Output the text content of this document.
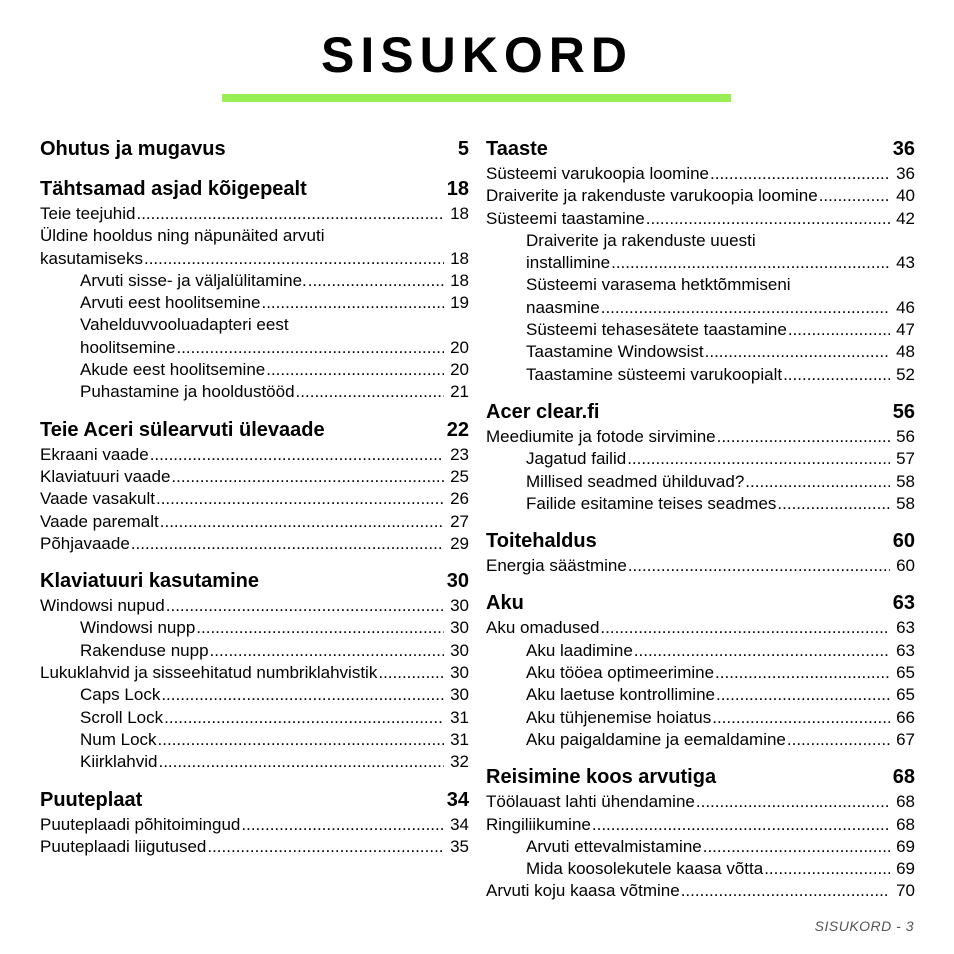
SISUKORD
Ohutus ja mugavus	5
Tähtsamad asjad kõigepealt	18
Teie teejuhid .....	18
Üldine hooldus ning näpunäited arvuti
kasutamiseks .....	18
Arvuti sisse- ja väljalülitamine. .....	18
Arvuti eest hoolitsemine .....	19
Vahelduvvooluadapteri eest
hoolitsemine .....	20
Akude eest hoolitsemine .....	20
Puhastamine ja hooldustööd .....	21
Teie Aceri sülearvuti ülevaade	22
Ekraani vaade .....	23
Klaviatuuri vaade .....	25
Vaade vasakult .....	26
Vaade paremalt .....	27
Põhjavaade .....	29
Klaviatuuri kasutamine	30
Windowsi nupud .....	30
Windowsi nupp .....	30
Rakenduse nupp .....	30
Lukuklahvid ja sisseehitatud numbriklahvistik .....	30
Caps Lock .....	30
Scroll Lock .....	31
Num Lock .....	31
Kiirklahvid .....	32
Puuteplaat	34
Puuteplaadi põhitoimingud .....	34
Puuteplaadi liigutused .....	35
Taaste	36
Süsteemi varukoopia loomine .....	36
Draiverite ja rakenduste varukoopia loomine .....	40
Süsteemi taastamine .....	42
Draiverite ja rakenduste uuesti
installimine .....	43
Süsteemi varasema hetktõmmiseni
naasmine .....	46
Süsteemi tehasesätete taastamine .....	47
Taastamine Windowsist .....	48
Taastamine süsteemi varukoopialt .....	52
Acer clear.fi	56
Meediumite ja fotode sirvimine .....	56
Jagatud failid .....	57
Millised seadmed ühilduvad? .....	58
Failide esitamine teises seadmes .....	58
Toitehaldus	60
Energia säästmine .....	60
Aku	63
Aku omadused .....	63
Aku laadimine .....	63
Aku tööea optimeerimine .....	65
Aku laetuse kontrollimine .....	65
Aku tühjenemise hoiatus .....	66
Aku paigaldamine ja eemaldamine .....	67
Reisimine koos arvutiga	68
Töölauast lahti ühendamine .....	68
Ringiliikumine .....	68
Arvuti ettevalmistamine .....	69
Mida koosolekutele kaasa võtta .....	69
Arvuti koju kaasa võtmine .....	70
SISUKORD - 3
